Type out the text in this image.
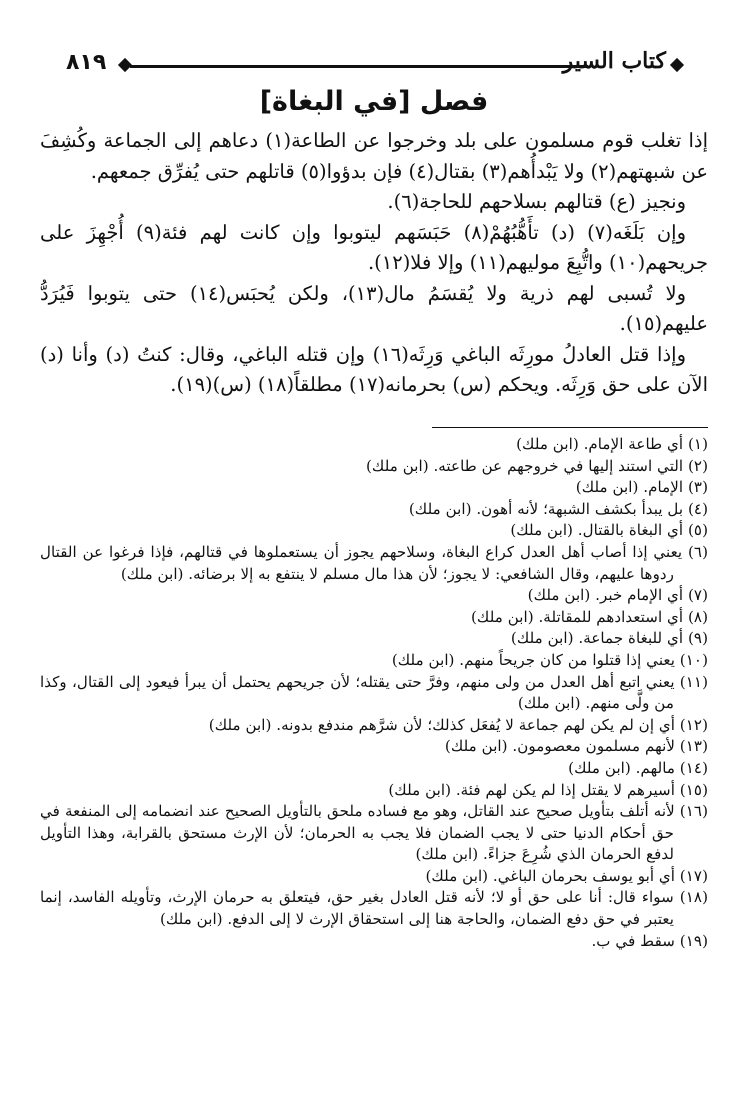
٨١٩	كتاب السير
فصل [في البغاة]

إذا تغلب قوم مسلمون على بلد وخرجوا عن الطاعة(١) دعاهم إلى الجماعة وكُشِفَ عن شبهتهم(٢) ولا يَبْدأُهم(٣) بقتال(٤) فإن بدؤوا(٥) قاتلهم حتى يُفرِّق جمعهم.

ونجيز (ع) قتالهم بسلاحهم للحاجة(٦).

وإن بَلَغَه(٧) (د) تأَهُّبُهُمْ(٨) حَبَسَهم ليتوبوا وإن كانت لهم فئة(٩) أُجْهِزَ على جريحهم(١٠) واتُّبِعَ موليهم(١١) وإلا فلا(١٢).

ولا تُسبى لهم ذرية ولا يُقسَمُ مال(١٣)، ولكن يُحبَس(١٤) حتى يتوبوا فَيُرَدُّ عليهم(١٥).

وإذا قتل العادلُ مورِثَه الباغي وَرِثَه(١٦) وإن قتله الباغي، وقال: كنتُ (د) وأنا (د) الآن على حق وَرِثَه. ويحكم (س) بحرمانه(١٧) مطلقاً(١٨) (س)(١٩).

(١) أي طاعة الإمام. (ابن ملك)

(٢) التي استند إليها في خروجهم عن طاعته. (ابن ملك)

(٣) الإمام. (ابن ملك)

(٤) بل يبدأ بكشف الشبهة؛ لأنه أهون. (ابن ملك)

(٥) أي البغاة بالقتال. (ابن ملك)

(٦) يعني إذا أصاب أهل العدل كراع البغاة، وسلاحهم يجوز أن يستعملوها في قتالهم، فإذا فرغوا عن القتال ردوها عليهم، وقال الشافعي: لا يجوز؛ لأن هذا مال مسلم لا ينتفع به إلا برضائه. (ابن ملك)

(٧) أي الإمام خبر. (ابن ملك)

(٨) أي استعدادهم للمقاتلة. (ابن ملك)

(٩) أي للبغاة جماعة. (ابن ملك)

(١٠) يعني إذا قتلوا من كان جريحاً منهم. (ابن ملك)

(١١) يعني اتبع أهل العدل من ولى منهم، وفرَّ حتى يقتله؛ لأن جريحهم يحتمل أن يبرأ فيعود إلى القتال، وكذا من ولَّى منهم. (ابن ملك)

(١٢) أي إن لم يكن لهم جماعة لا يُفعَل كذلك؛ لأن شرَّهم مندفع بدونه. (ابن ملك)

(١٣) لأنهم مسلمون معصومون. (ابن ملك)

(١٤) مالهم. (ابن ملك)

(١٥) أسيرهم لا يقتل إذا لم يكن لهم فئة. (ابن ملك)

(١٦) لأنه أتلف بتأويل صحيح عند القاتل، وهو مع فساده ملحق بالتأويل الصحيح عند انضمامه إلى المنفعة في حق أحكام الدنيا حتى لا يجب الضمان فلا يجب به الحرمان؛ لأن الإرث مستحق بالقرابة، وهذا التأويل لدفع الحرمان الذي شُرِعَ جزاءً. (ابن ملك)

(١٧) أي أبو يوسف بحرمان الباغي. (ابن ملك)

(١٨) سواء قال: أنا على حق أو لا؛ لأنه قتل العادل بغير حق، فيتعلق به حرمان الإرث، وتأويله الفاسد، إنما يعتبر في حق دفع الضمان، والحاجة هنا إلى استحقاق الإرث لا إلى الدفع. (ابن ملك)

(١٩) سقط في ب.
